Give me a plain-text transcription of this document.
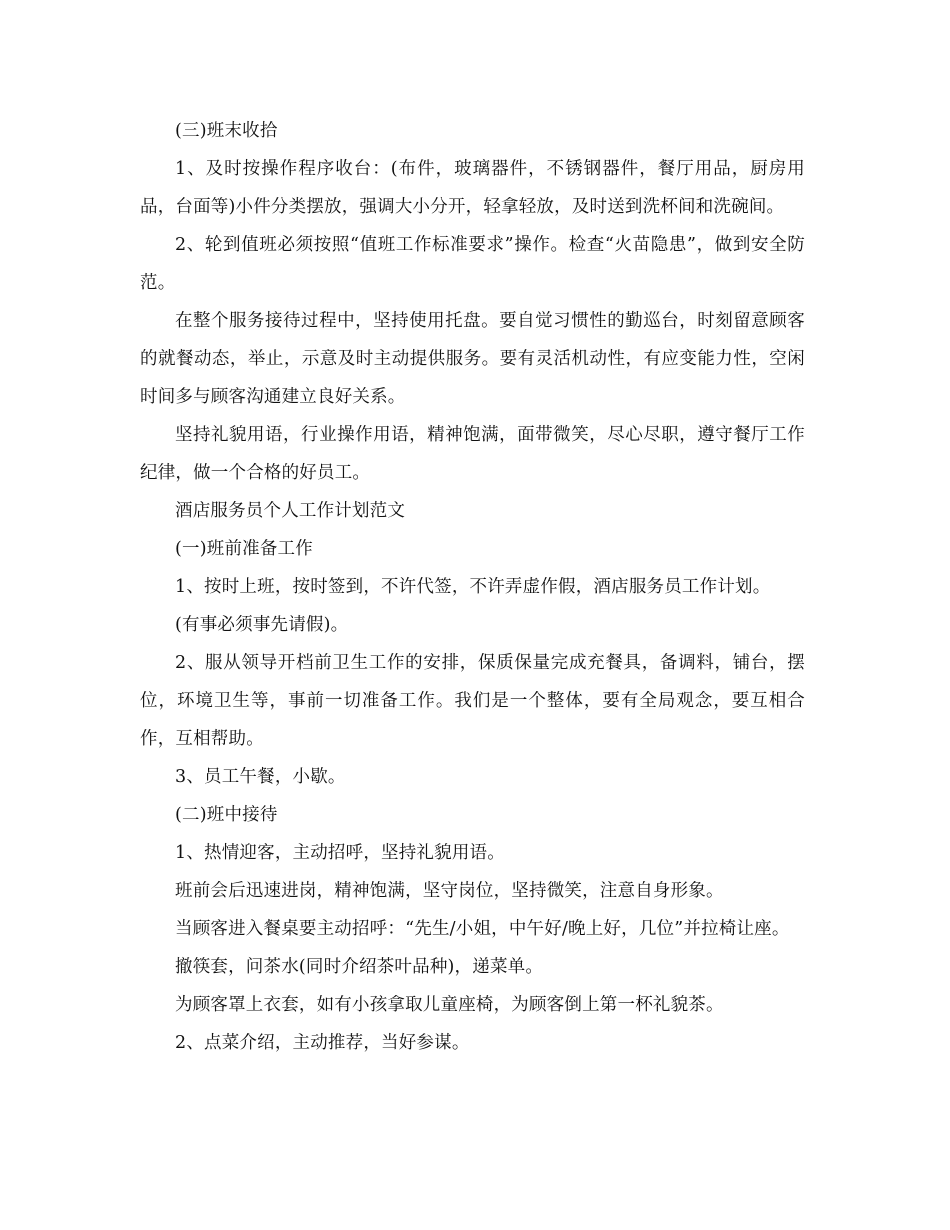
(三)班末收拾

1、及时按操作程序收台：(布件，玻璃器件，不锈钢器件，餐厅用品，厨房用品，台面等)小件分类摆放，强调大小分开，轻拿轻放，及时送到洗杯间和洗碗间。

2、轮到值班必须按照“值班工作标准要求”操作。检查“火苗隐患”，做到安全防范。

在整个服务接待过程中，坚持使用托盘。要自觉习惯性的勤巡台，时刻留意顾客的就餐动态，举止，示意及时主动提供服务。要有灵活机动性，有应变能力性，空闲时间多与顾客沟通建立良好关系。

坚持礼貌用语，行业操作用语，精神饱满，面带微笑，尽心尽职，遵守餐厅工作纪律，做一个合格的好员工。

酒店服务员个人工作计划范文

(一)班前准备工作

1、按时上班，按时签到，不许代签，不许弄虚作假，酒店服务员工作计划。

(有事必须事先请假)。

2、服从领导开档前卫生工作的安排，保质保量完成充餐具，备调料，铺台，摆位，环境卫生等，事前一切准备工作。我们是一个整体，要有全局观念，要互相合作，互相帮助。

3、员工午餐，小歇。

(二)班中接待

1、热情迎客，主动招呼，坚持礼貌用语。

班前会后迅速进岗，精神饱满，坚守岗位，坚持微笑，注意自身形象。

当顾客进入餐桌要主动招呼：“先生/小姐，中午好/晚上好，几位”并拉椅让座。

撤筷套，问茶水(同时介绍茶叶品种)，递菜单。

为顾客罩上衣套，如有小孩拿取儿童座椅，为顾客倒上第一杯礼貌茶。

2、点菜介绍，主动推荐，当好参谋。
